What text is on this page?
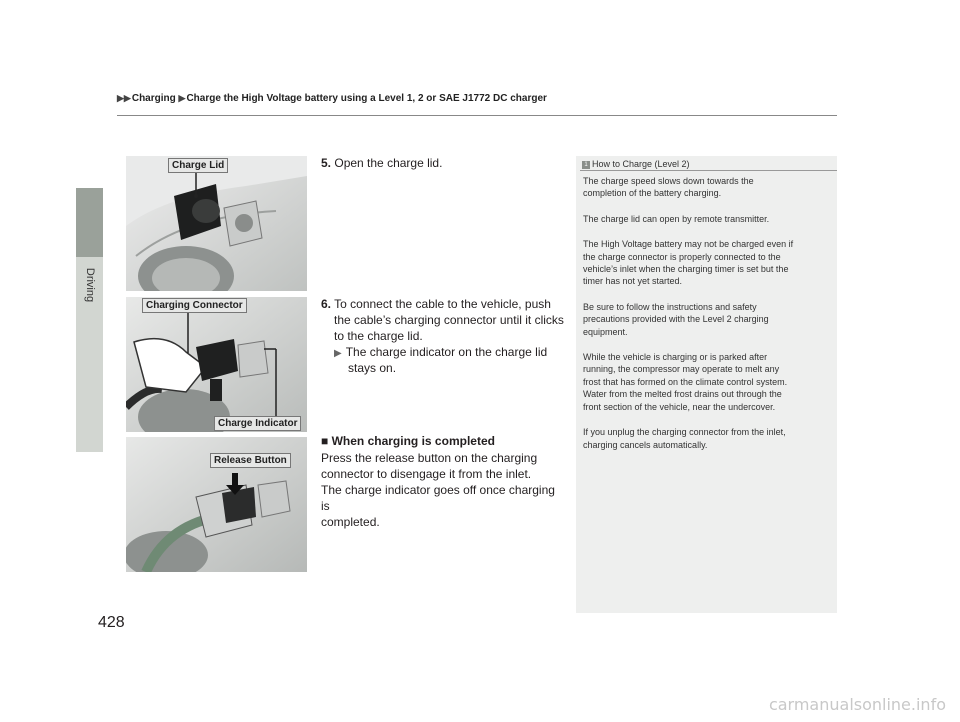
▶▶Charging ▶Charge the High Voltage battery using a Level 1, 2 or SAE J1772 DC charger
Driving
428
Charge Lid
Charging Connector
Charge Indicator
Release Button
5. Open the charge lid.
6. To connect the cable to the vehicle, push
the cable’s charging connector until it clicks
to the charge lid.
▶ The charge indicator on the charge lid
stays on.
■ When charging is completed
Press the release button on the charging
connector to disengage it from the inlet.
The charge indicator goes off once charging is
completed.
1 How to Charge (Level 2)

The charge speed slows down towards the
completion of the battery charging.

The charge lid can open by remote transmitter.

The High Voltage battery may not be charged even if
the charge connector is properly connected to the
vehicle’s inlet when the charging timer is set but the
timer has not yet started.

Be sure to follow the instructions and safety
precautions provided with the Level 2 charging
equipment.

While the vehicle is charging or is parked after
running, the compressor may operate to melt any
frost that has formed on the climate control system.
Water from the melted frost drains out through the
front section of the vehicle, near the undercover.

If you unplug the charging connector from the inlet,
charging cancels automatically.

carmanualsonline.info
